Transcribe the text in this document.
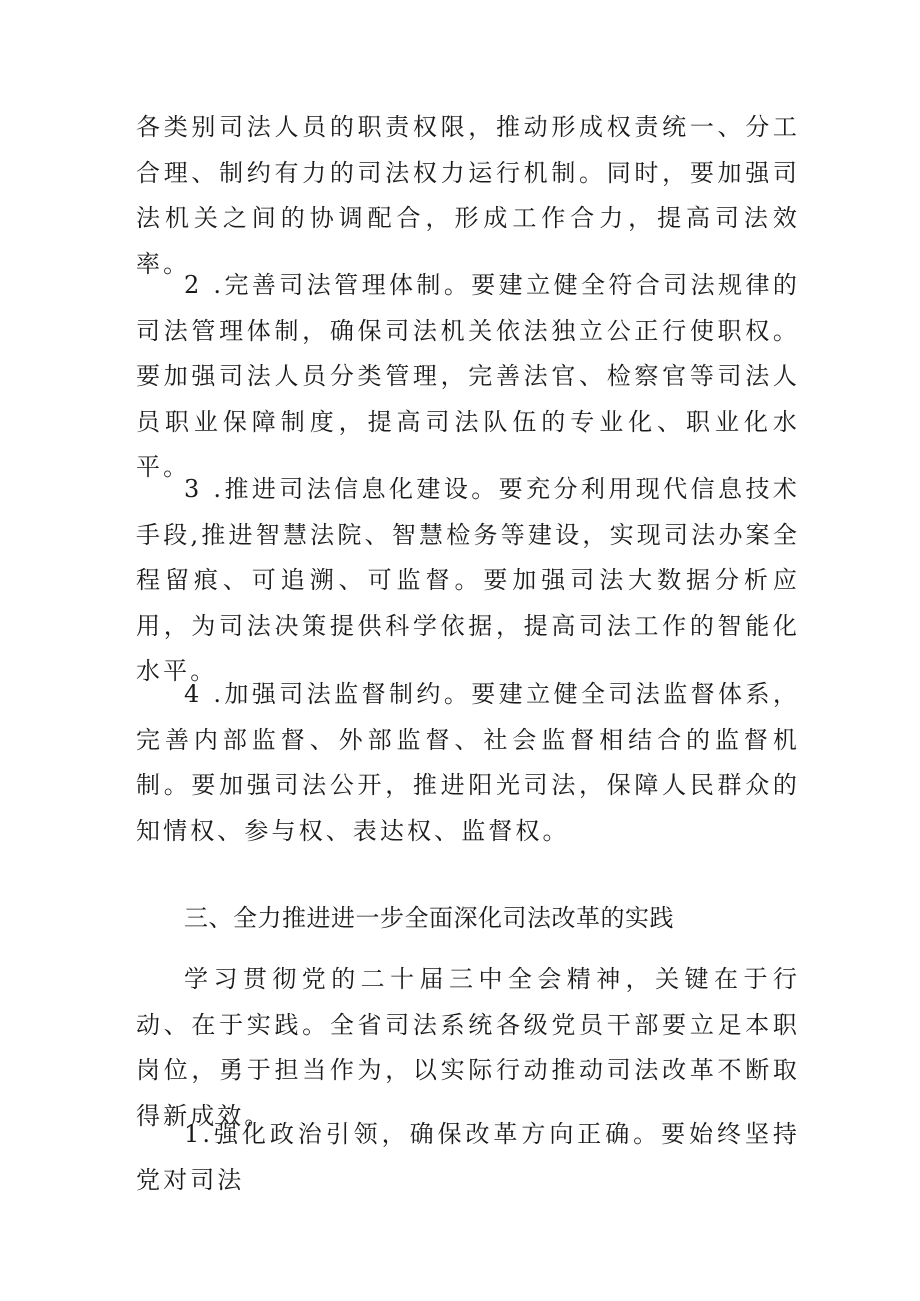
各类别司法人员的职责权限，推动形成权责统一、分工合理、制约有力的司法权力运行机制。同时，要加强司法机关之间的协调配合，形成工作合力，提高司法效率。

2 .完善司法管理体制。要建立健全符合司法规律的司法管理体制，确保司法机关依法独立公正行使职权。要加强司法人员分类管理，完善法官、检察官等司法人员职业保障制度，提高司法队伍的专业化、职业化水平。

3 .推进司法信息化建设。要充分利用现代信息技术手段,推进智慧法院、智慧检务等建设，实现司法办案全程留痕、可追溯、可监督。要加强司法大数据分析应用，为司法决策提供科学依据，提高司法工作的智能化水平。

4 .加强司法监督制约。要建立健全司法监督体系，完善内部监督、外部监督、社会监督相结合的监督机制。要加强司法公开，推进阳光司法，保障人民群众的知情权、参与权、表达权、监督权。

三、全力推进进一步全面深化司法改革的实践

学习贯彻党的二十届三中全会精神，关键在于行动、在于实践。全省司法系统各级党员干部要立足本职岗位，勇于担当作为，以实际行动推动司法改革不断取得新成效。

1.强化政治引领，确保改革方向正确。要始终坚持党对司法
